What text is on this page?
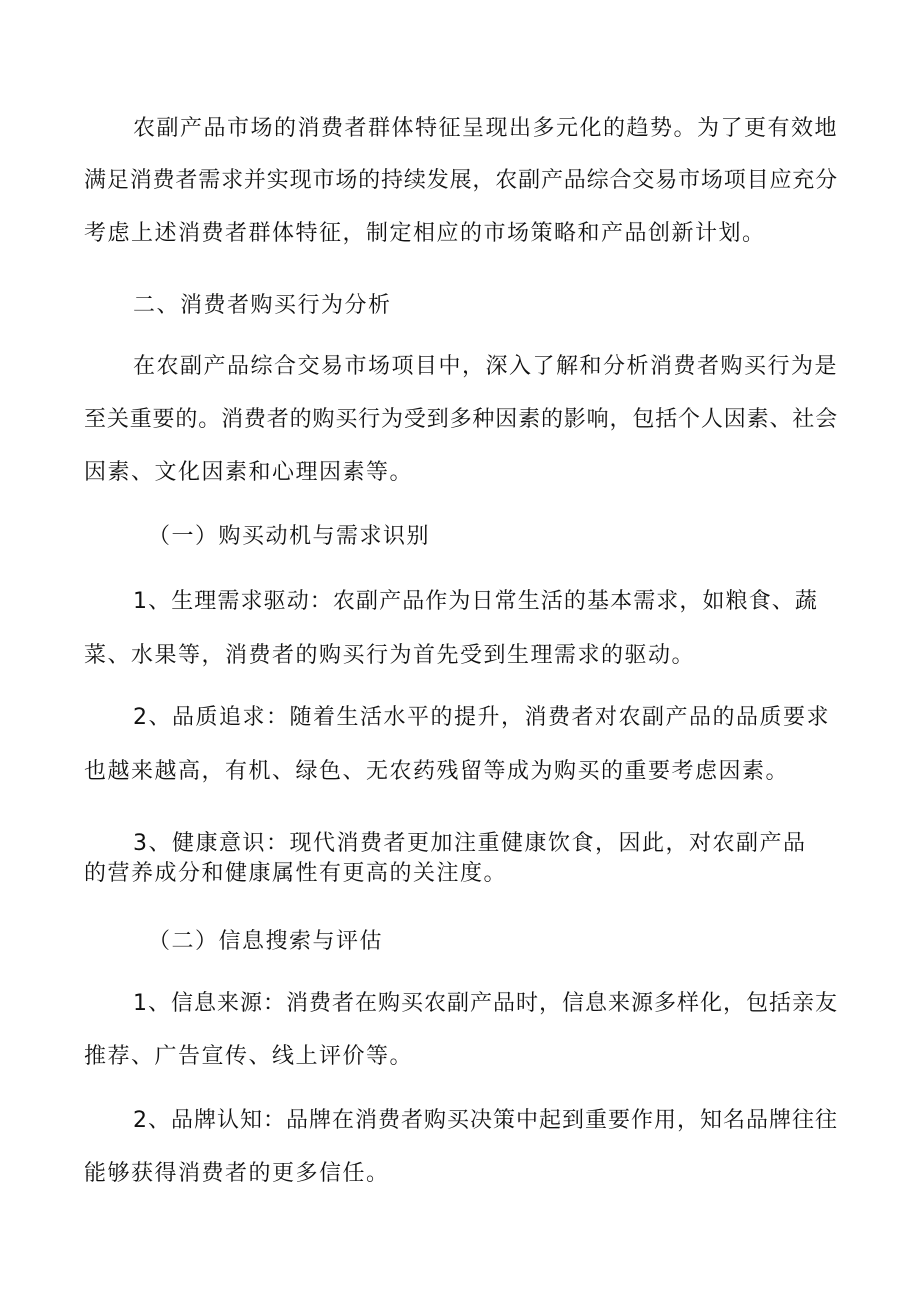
农副产品市场的消费者群体特征呈现出多元化的趋势。为了更有效地
满足消费者需求并实现市场的持续发展，农副产品综合交易市场项目应充分
考虑上述消费者群体特征，制定相应的市场策略和产品创新计划。
二、消费者购买行为分析
在农副产品综合交易市场项目中，深入了解和分析消费者购买行为是
至关重要的。消费者的购买行为受到多种因素的影响，包括个人因素、社会
因素、文化因素和心理因素等。
（一）购买动机与需求识别
1、生理需求驱动：农副产品作为日常生活的基本需求，如粮食、蔬
菜、水果等，消费者的购买行为首先受到生理需求的驱动。
2、品质追求：随着生活水平的提升，消费者对农副产品的品质要求
也越来越高，有机、绿色、无农药残留等成为购买的重要考虑因素。
3、健康意识：现代消费者更加注重健康饮食，因此，对农副产品
的营养成分和健康属性有更高的关注度。
（二）信息搜索与评估
1、信息来源：消费者在购买农副产品时，信息来源多样化，包括亲友
推荐、广告宣传、线上评价等。
2、品牌认知：品牌在消费者购买决策中起到重要作用，知名品牌往往
能够获得消费者的更多信任。
